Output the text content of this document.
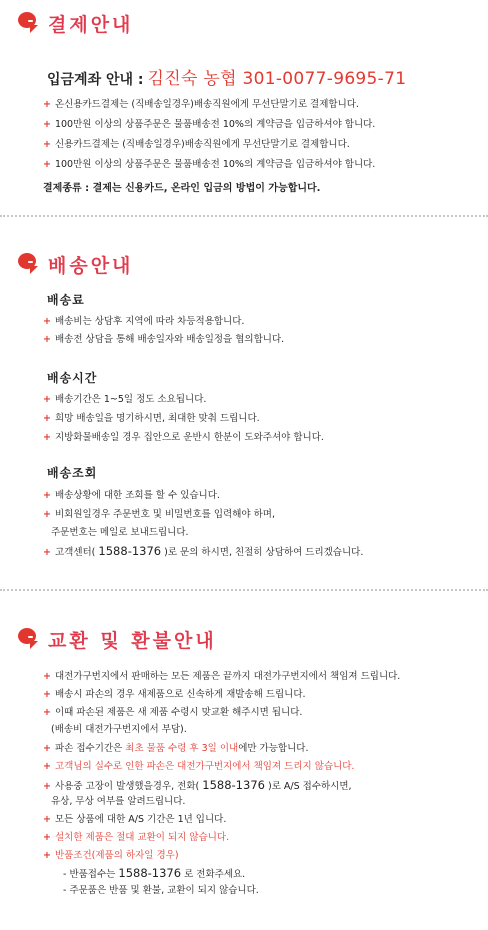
결제안내
입금계좌 안내 : 김진숙 농협 301-0077-9695-71
+ 온신용카드결제는 (직배송일경우)배송직원에게 무선단말기로 결제합니다.
+ 100만원 이상의 상품주문은 물품배송전 10%의 계약금을 입금하셔야 합니다.
+ 신용카드결제는 (직배송일경우)배송직원에게 무선단말기로 결제합니다.
+ 100만원 이상의 상품주문은 물품배송전 10%의 계약금을 입금하셔야 합니다.
결제종류 : 결제는 신용카드, 온라인 입금의 방법이 가능합니다.
배송안내
배송료
+ 배송비는 상담후 지역에 따라 차등적용합니다.
+ 배송전 상담을 통해 배송일자와 배송일정을 협의합니다.
배송시간
+ 배송기간은 1~5일 정도 소요됩니다.
+ 희망 배송일을 명기하시면, 최대한 맞춰 드립니다.
+ 지방화물배송일 경우 집안으로 운반시 한분이 도와주셔야 합니다.
배송조회
+ 배송상황에 대한 조회를 할 수 있습니다.
+ 비회원일경우 주문번호 및 비밀번호를 입력해야 하며,
주문번호는 메일로 보내드립니다.
+ 고객센터( 1588-1376 )로 문의 하시면, 친절히 상담하여 드리겠습니다.
교환 및 환불안내
+ 대전가구번지에서 판매하는 모든 제품은 끝까지 대전가구번지에서 책임져 드립니다.
+ 배송시 파손의 경우 새제품으로 신속하게 재발송해 드립니다.
+ 이때 파손된 제품은 새 제품 수령시 맞교환 해주시면 됩니다.
(배송비 대전가구번지에서 부담).
+ 파손 접수기간은 최초 물품 수령 후 3일 이내에만 가능합니다.
+ 고객님의 실수로 인한 파손은 대전가구번지에서 책임져 드리지 않습니다.
+ 사용중 고장이 발생했을경우, 전화( 1588-1376 )로 A/S 접수하시면,
유상, 무상 여부를 알려드립니다.
+ 모든 상품에 대한 A/S 기간은 1년 입니다.
+ 설치한 제품은 절대 교환이 되지 않습니다.
+ 반품조건(제품의 하자일 경우)
- 반품접수는 1588-1376 로 전화주세요.
- 주문품은 반품 및 환불, 교환이 되지 않습니다.
